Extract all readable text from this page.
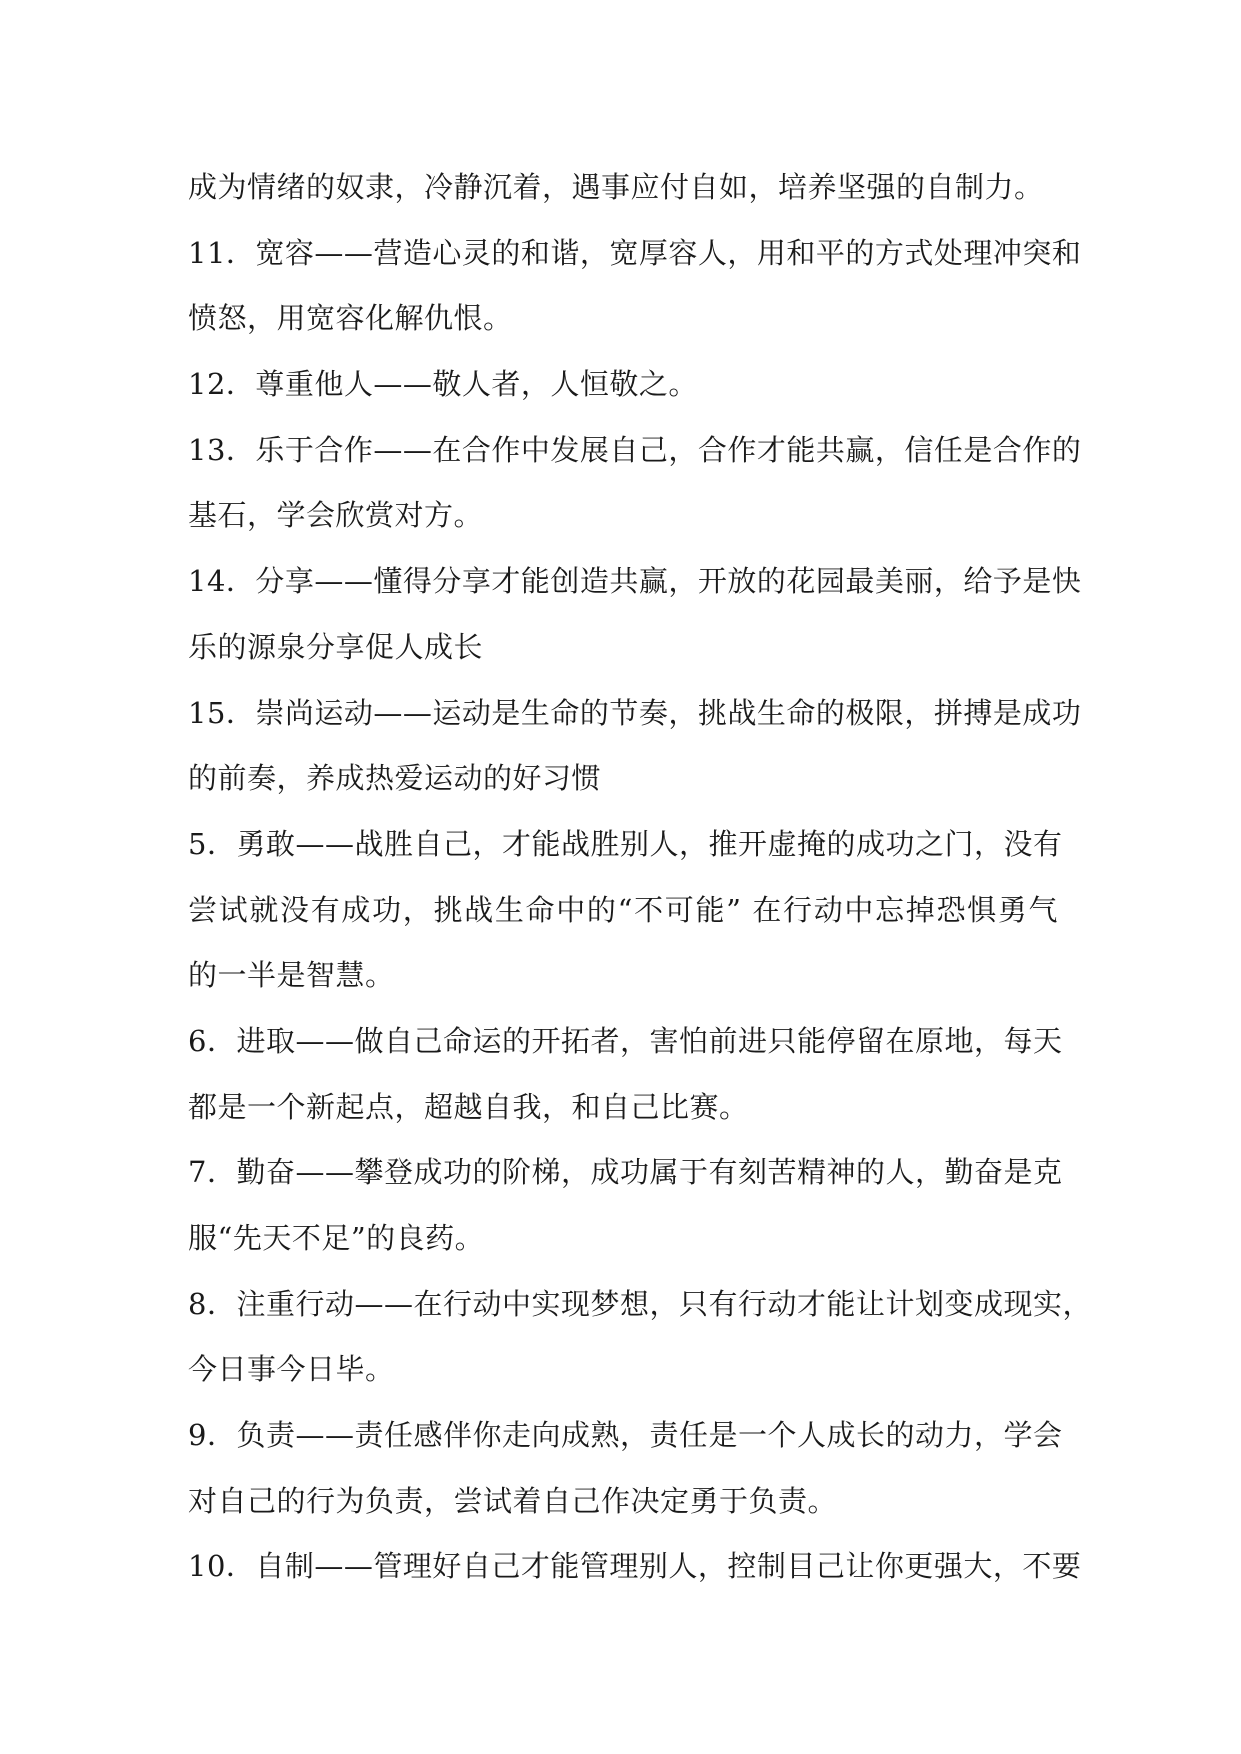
成为情绪的奴隶，冷静沉着，遇事应付自如，培养坚强的自制力。
11．宽容——营造心灵的和谐，宽厚容人，用和平的方式处理冲突和
愤怒，用宽容化解仇恨。
12．尊重他人——敬人者，人恒敬之。
13．乐于合作——在合作中发展自己，合作才能共赢，信任是合作的
基石，学会欣赏对方。
14．分享——懂得分享才能创造共赢，开放的花园最美丽，给予是快
乐的源泉分享促人成长
15．崇尚运动——运动是生命的节奏，挑战生命的极限，拼搏是成功
的前奏，养成热爱运动的好习惯
5．勇敢——战胜自己，才能战胜别人，推开虚掩的成功之门，没有
尝试就没有成功，挑战生命中的“不可能” 在行动中忘掉恐惧勇气
的一半是智慧。
6．进取——做自己命运的开拓者，害怕前进只能停留在原地，每天
都是一个新起点，超越自我，和自己比赛。
7．勤奋——攀登成功的阶梯，成功属于有刻苦精神的人，勤奋是克
服“先天不足”的良药。
8．注重行动——在行动中实现梦想，只有行动才能让计划变成现实，
今日事今日毕。
9．负责——责任感伴你走向成熟，责任是一个人成长的动力，学会
对自己的行为负责，尝试着自己作决定勇于负责。
10．自制——管理好自己才能管理别人，控制目己让你更强大，不要
